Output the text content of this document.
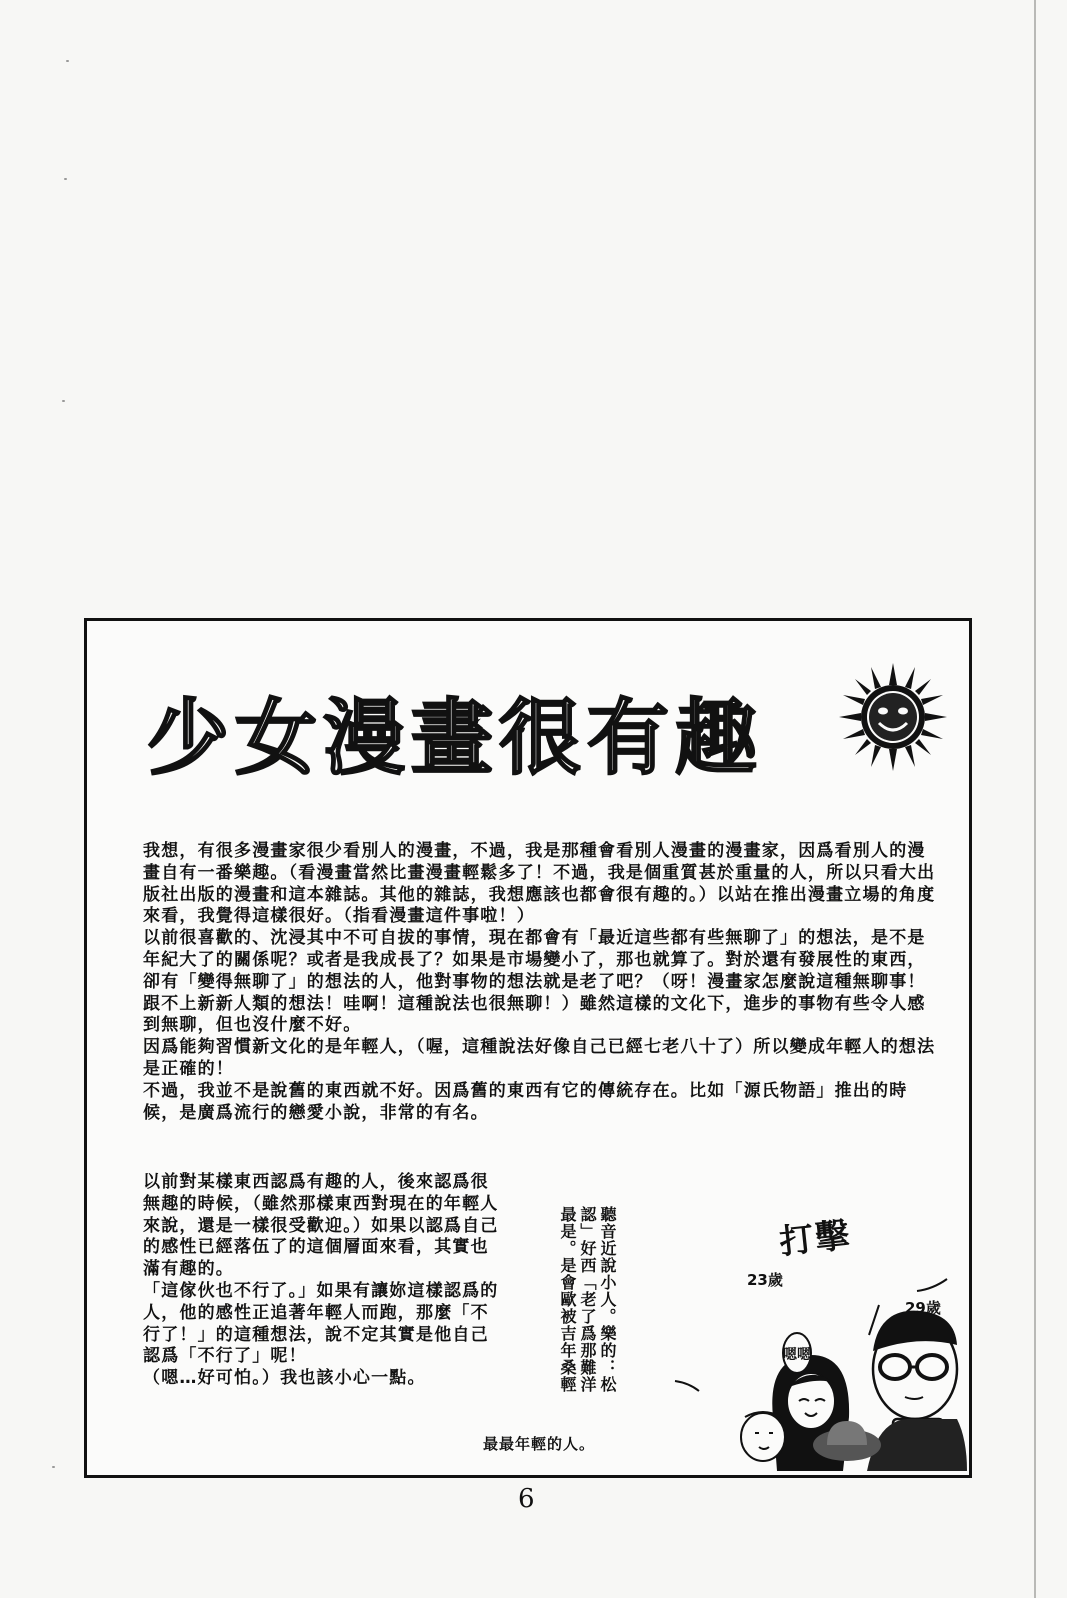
少女漫畫很有趣

我想，有很多漫畫家很少看別人的漫畫，不過，我是那種會看別人漫畫的漫畫家，因爲看別人的漫畫自有一番樂趣。（看漫畫當然比畫漫畫輕鬆多了！不過，我是個重質甚於重量的人，所以只看大出版社出版的漫畫和這本雜誌。其他的雜誌，我想應該也都會很有趣的。）以站在推出漫畫立場的角度來看，我覺得這樣很好。（指看漫畫這件事啦！）

以前很喜歡的、沈浸其中不可自拔的事情，現在都會有「最近這些都有些無聊了」的想法，是不是年紀大了的關係呢？或者是我成長了？如果是市場變小了，那也就算了。對於還有發展性的東西，卻有「變得無聊了」的想法的人，他對事物的想法就是老了吧？（呀！漫畫家怎麼說這種無聊事！跟不上新新人類的想法！哇啊！這種說法也很無聊！）雖然這樣的文化下，進步的事物有些令人感到無聊，但也沒什麼不好。

因爲能夠習慣新文化的是年輕人，（喔，這種說法好像自己已經七老八十了）所以變成年輕人的想法是正確的！

不過，我並不是說舊的東西就不好。因爲舊的東西有它的傳統存在。比如「源氏物語」推出的時候，是廣爲流行的戀愛小說，非常的有名。

以前對某樣東西認爲有趣的人，後來認爲很無趣的時候，（雖然那樣東西對現在的年輕人來說，還是一樣很受歡迎。）如果以認爲自己的感性已經落伍了的這個層面來看，其實也滿有趣的。

「這傢伙也不行了。」如果有讓妳這樣認爲的人，他的感性正追著年輕人而跑，那麼「不行了！」的這種想法，說不定其實是他自己認爲「不行了」呢！

（嗯…好可怕。）我也該小心一點。	聽音近說小人。樂的：松認」好西「老了爲那難洋最是。是會歐被吉年桑輕	嗯嗯
打擊
23歲
29歲
最最年輕的人。
6
